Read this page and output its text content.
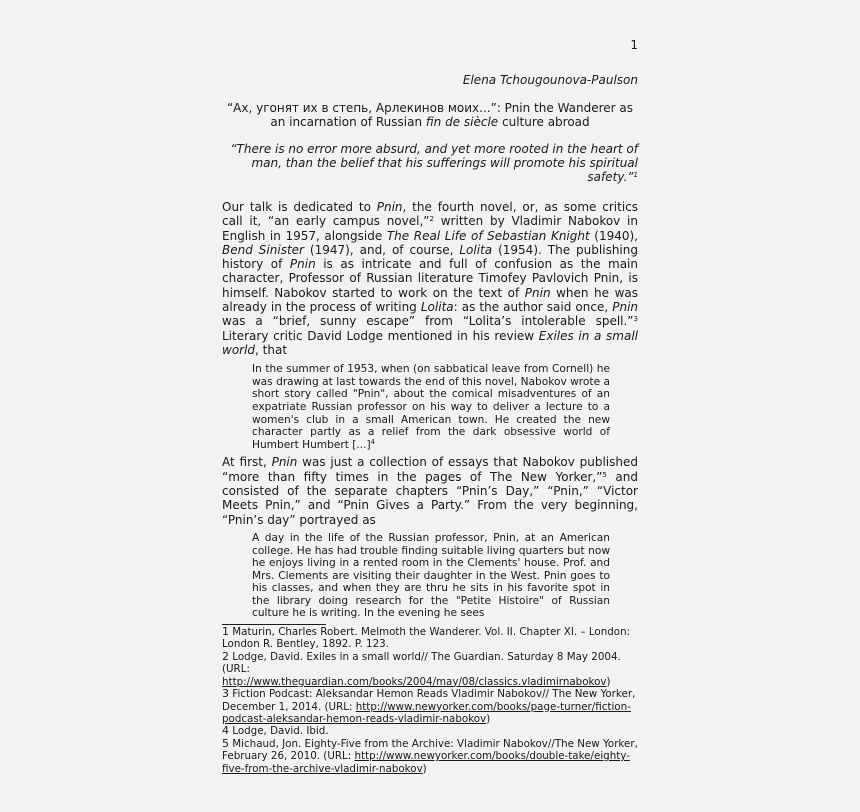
1
Elena Tchougounova-Paulson
“Ах, угонят их в степь, Арлекинов моих...”: Pnin the Wanderer as
an incarnation of Russian fin de siècle culture abroad
“There is no error more absurd, and yet more rooted in the heart of man, than the belief that his sufferings will promote his spiritual safety.”$^1$

Our talk is dedicated to Pnin, the fourth novel, or, as some critics call it, “an early campus novel,”$^2$ written by Vladimir Nabokov in English in 1957, alongside The Real Life of Sebastian Knight (1940), Bend Sinister (1947), and, of course, Lolita (1954). The publishing history of Pnin is as intricate and full of confusion as the main character, Professor of Russian literature Timofey Pavlovich Pnin, is himself. Nabokov started to work on the text of Pnin when he was already in the process of writing Lolita: as the author said once, Pnin was a “brief, sunny escape” from “Lolita’s intolerable spell.”$^3$ Literary critic David Lodge mentioned in his review Exiles in a small world, that

In the summer of 1953, when (on sabbatical leave from Cornell) he was drawing at last towards the end of this novel, Nabokov wrote a short story called "Pnin", about the comical misadventures of an expatriate Russian professor on his way to deliver a lecture to a women's club in a small American town. He created the new character partly as a relief from the dark obsessive world of Humbert Humbert [...]$^4$

At first, Pnin was just a collection of essays that Nabokov published “more than fifty times in the pages of The New Yorker,”$^5$ and consisted of the separate chapters “Pnin’s Day,” “Pnin,” “Victor Meets Pnin,” and “Pnin Gives a Party.” From the very beginning, “Pnin’s day” portrayed as

A day in the life of the Russian professor, Pnin, at an American college. He has had trouble finding suitable living quarters but now he enjoys living in a rented room in the Clements' house. Prof. and Mrs. Clements are visiting their daughter in the West. Pnin goes to his classes, and when they are thru he sits in his favorite spot in the library doing research for the "Petite Histoire" of Russian culture he is writing. In the evening he sees

1 Maturin, Charles Robert. Melmoth the Wanderer. Vol. II. Chapter XI. – London: London R. Bentley, 1892. P. 123.

2 Lodge, David. Exiles in a small world// The Guardian. Saturday 8 May 2004. (URL: http://www.theguardian.com/books/2004/may/08/classics.vladimirnabokov)

3 Fiction Podcast: Aleksandar Hemon Reads Vladimir Nabokov// The New Yorker, December 1, 2014. (URL: http://www.newyorker.com/books/page-turner/fiction-podcast-aleksandar-hemon-reads-vladimir-nabokov)

4 Lodge, David. Ibid.

5 Michaud, Jon. Eighty-Five from the Archive: Vladimir Nabokov//The New Yorker, February 26, 2010. (URL: http://www.newyorker.com/books/double-take/eighty-five-from-the-archive-vladimir-nabokov)
